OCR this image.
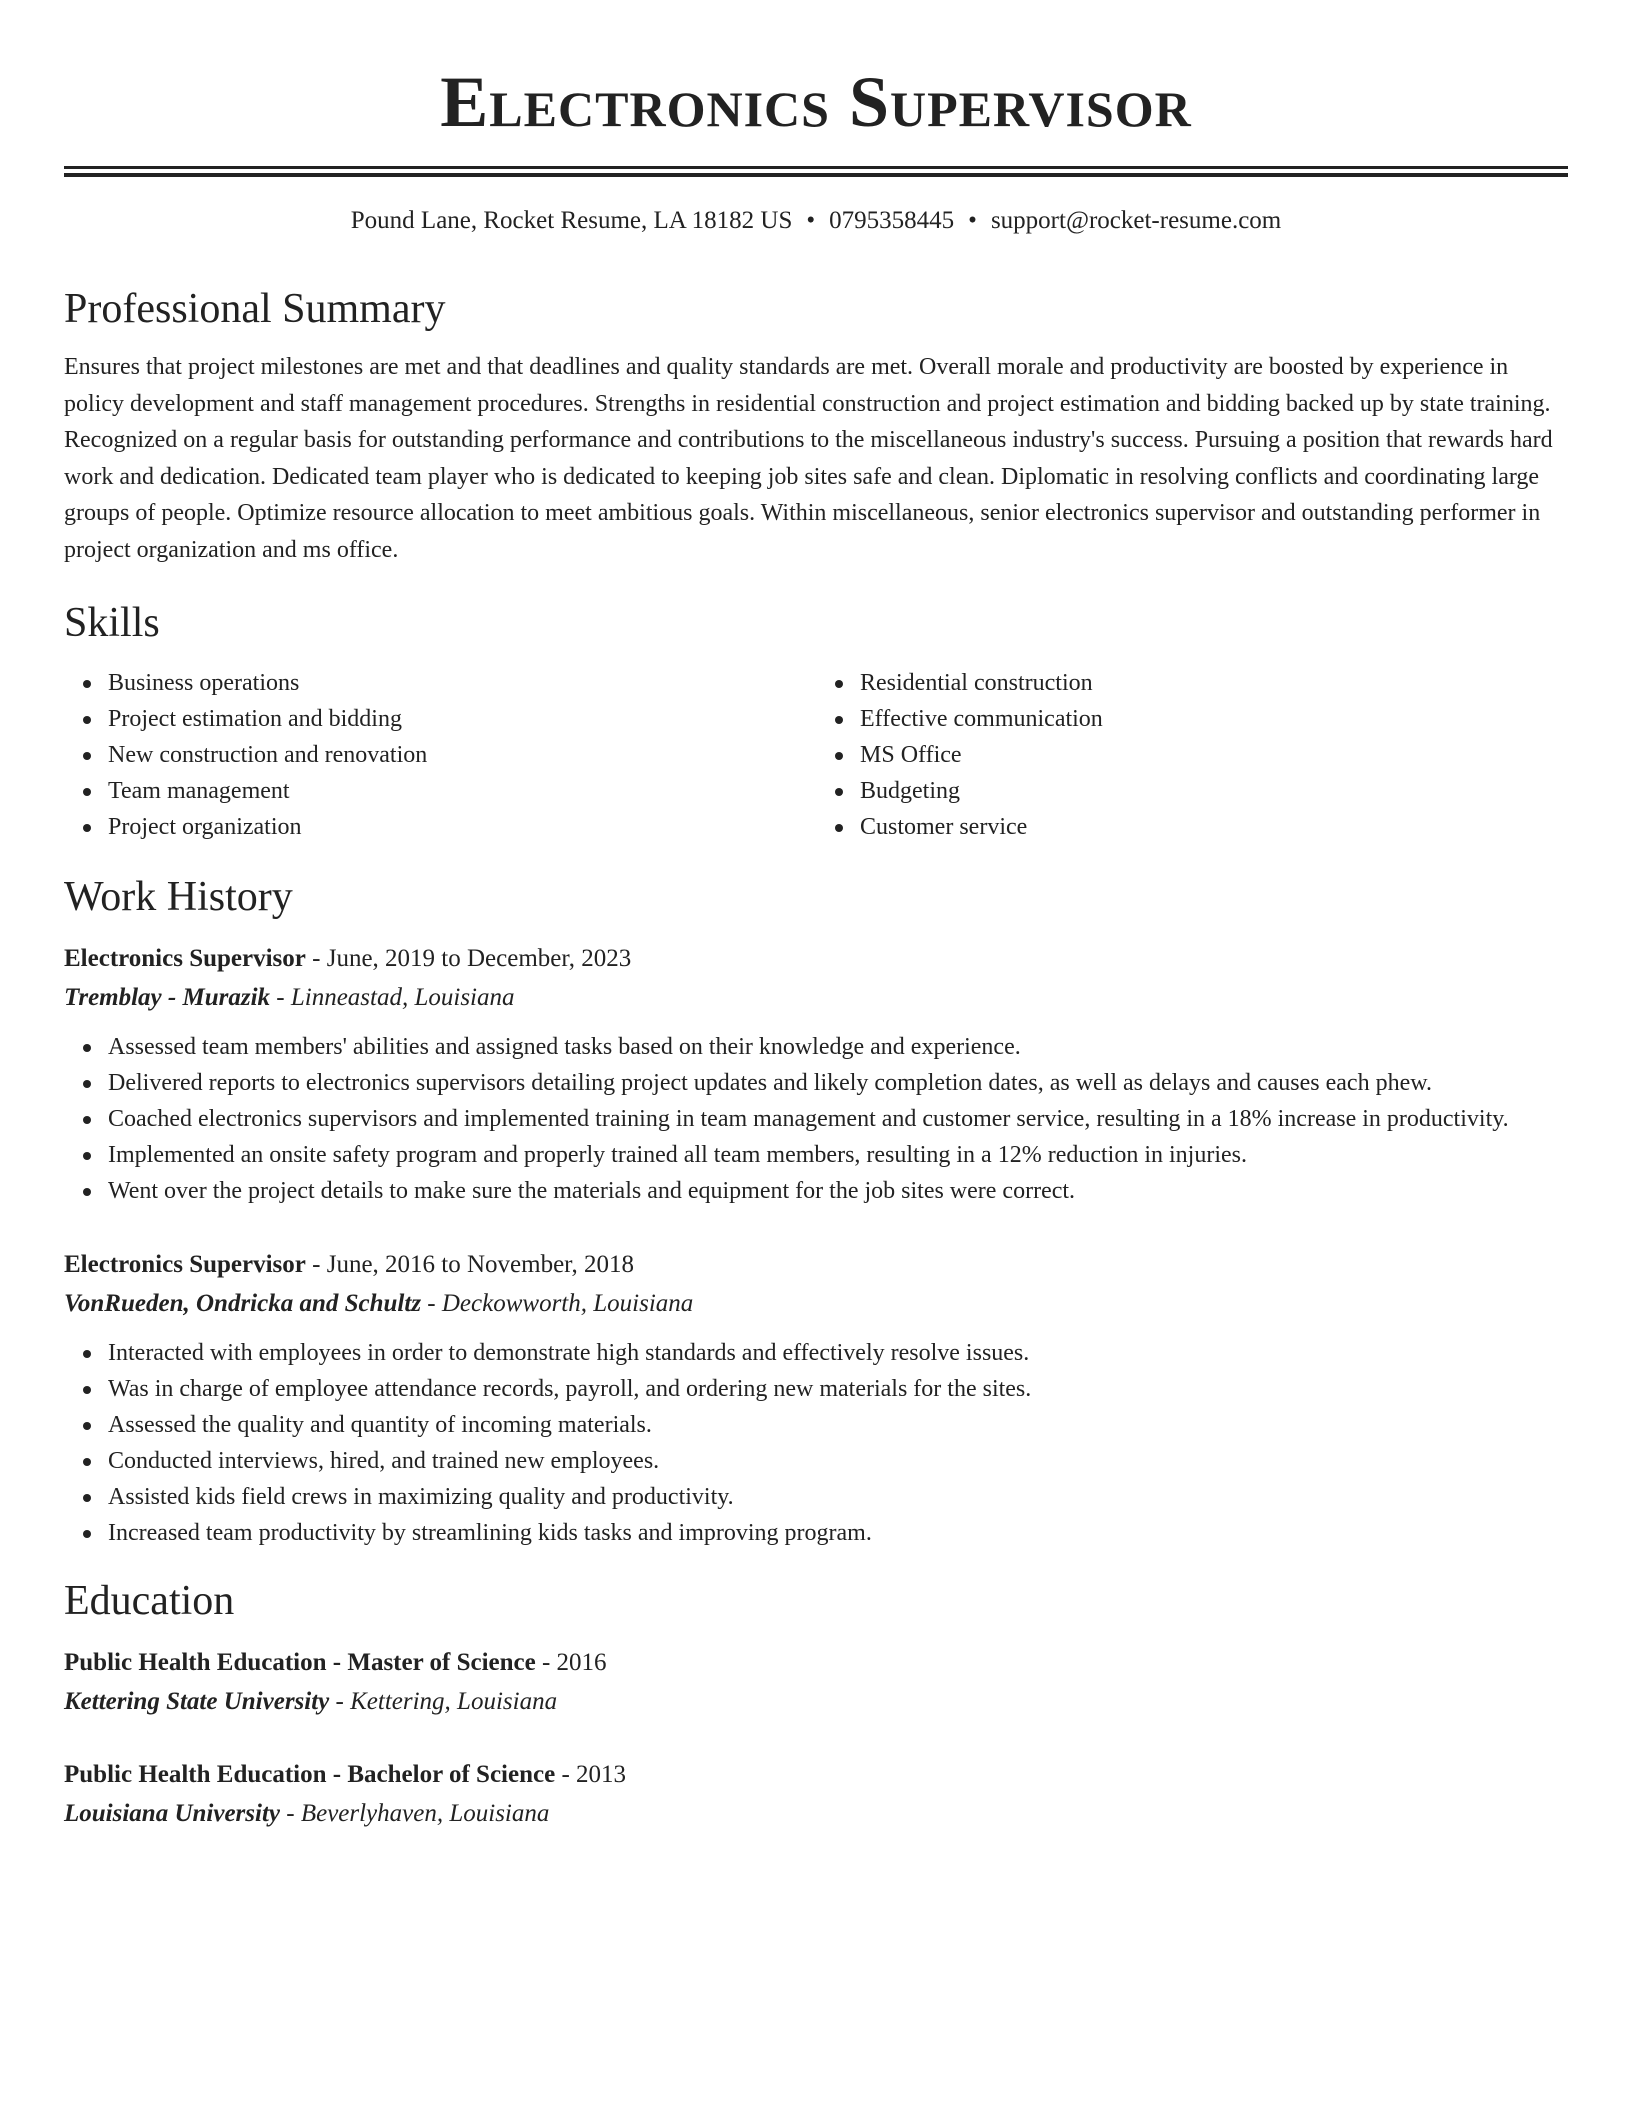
Electronics Supervisor
Pound Lane, Rocket Resume, LA 18182 US • 0795358445 • support@rocket-resume.com
Professional Summary

Ensures that project milestones are met and that deadlines and quality standards are met. Overall morale and productivity are boosted by experience in policy development and staff management procedures. Strengths in residential construction and project estimation and bidding backed up by state training. Recognized on a regular basis for outstanding performance and contributions to the miscellaneous industry's success. Pursuing a position that rewards hard work and dedication. Dedicated team player who is dedicated to keeping job sites safe and clean. Diplomatic in resolving conflicts and coordinating large groups of people. Optimize resource allocation to meet ambitious goals. Within miscellaneous, senior electronics supervisor and outstanding performer in project organization and ms office.

Skills
Business operations
Project estimation and bidding
New construction and renovation
Team management
Project organization
Residential construction
Effective communication
MS Office
Budgeting
Customer service
Work History
Electronics Supervisor - June, 2019 to December, 2023
Tremblay - Murazik - Linneastad, Louisiana
Assessed team members' abilities and assigned tasks based on their knowledge and experience.
Delivered reports to electronics supervisors detailing project updates and likely completion dates, as well as delays and causes each phew.
Coached electronics supervisors and implemented training in team management and customer service, resulting in a 18% increase in productivity.
Implemented an onsite safety program and properly trained all team members, resulting in a 12% reduction in injuries.
Went over the project details to make sure the materials and equipment for the job sites were correct.
Electronics Supervisor - June, 2016 to November, 2018
VonRueden, Ondricka and Schultz - Deckowworth, Louisiana
Interacted with employees in order to demonstrate high standards and effectively resolve issues.
Was in charge of employee attendance records, payroll, and ordering new materials for the sites.
Assessed the quality and quantity of incoming materials.
Conducted interviews, hired, and trained new employees.
Assisted kids field crews in maximizing quality and productivity.
Increased team productivity by streamlining kids tasks and improving program.
Education
Public Health Education - Master of Science - 2016
Kettering State University - Kettering, Louisiana
Public Health Education - Bachelor of Science - 2013
Louisiana University - Beverlyhaven, Louisiana
